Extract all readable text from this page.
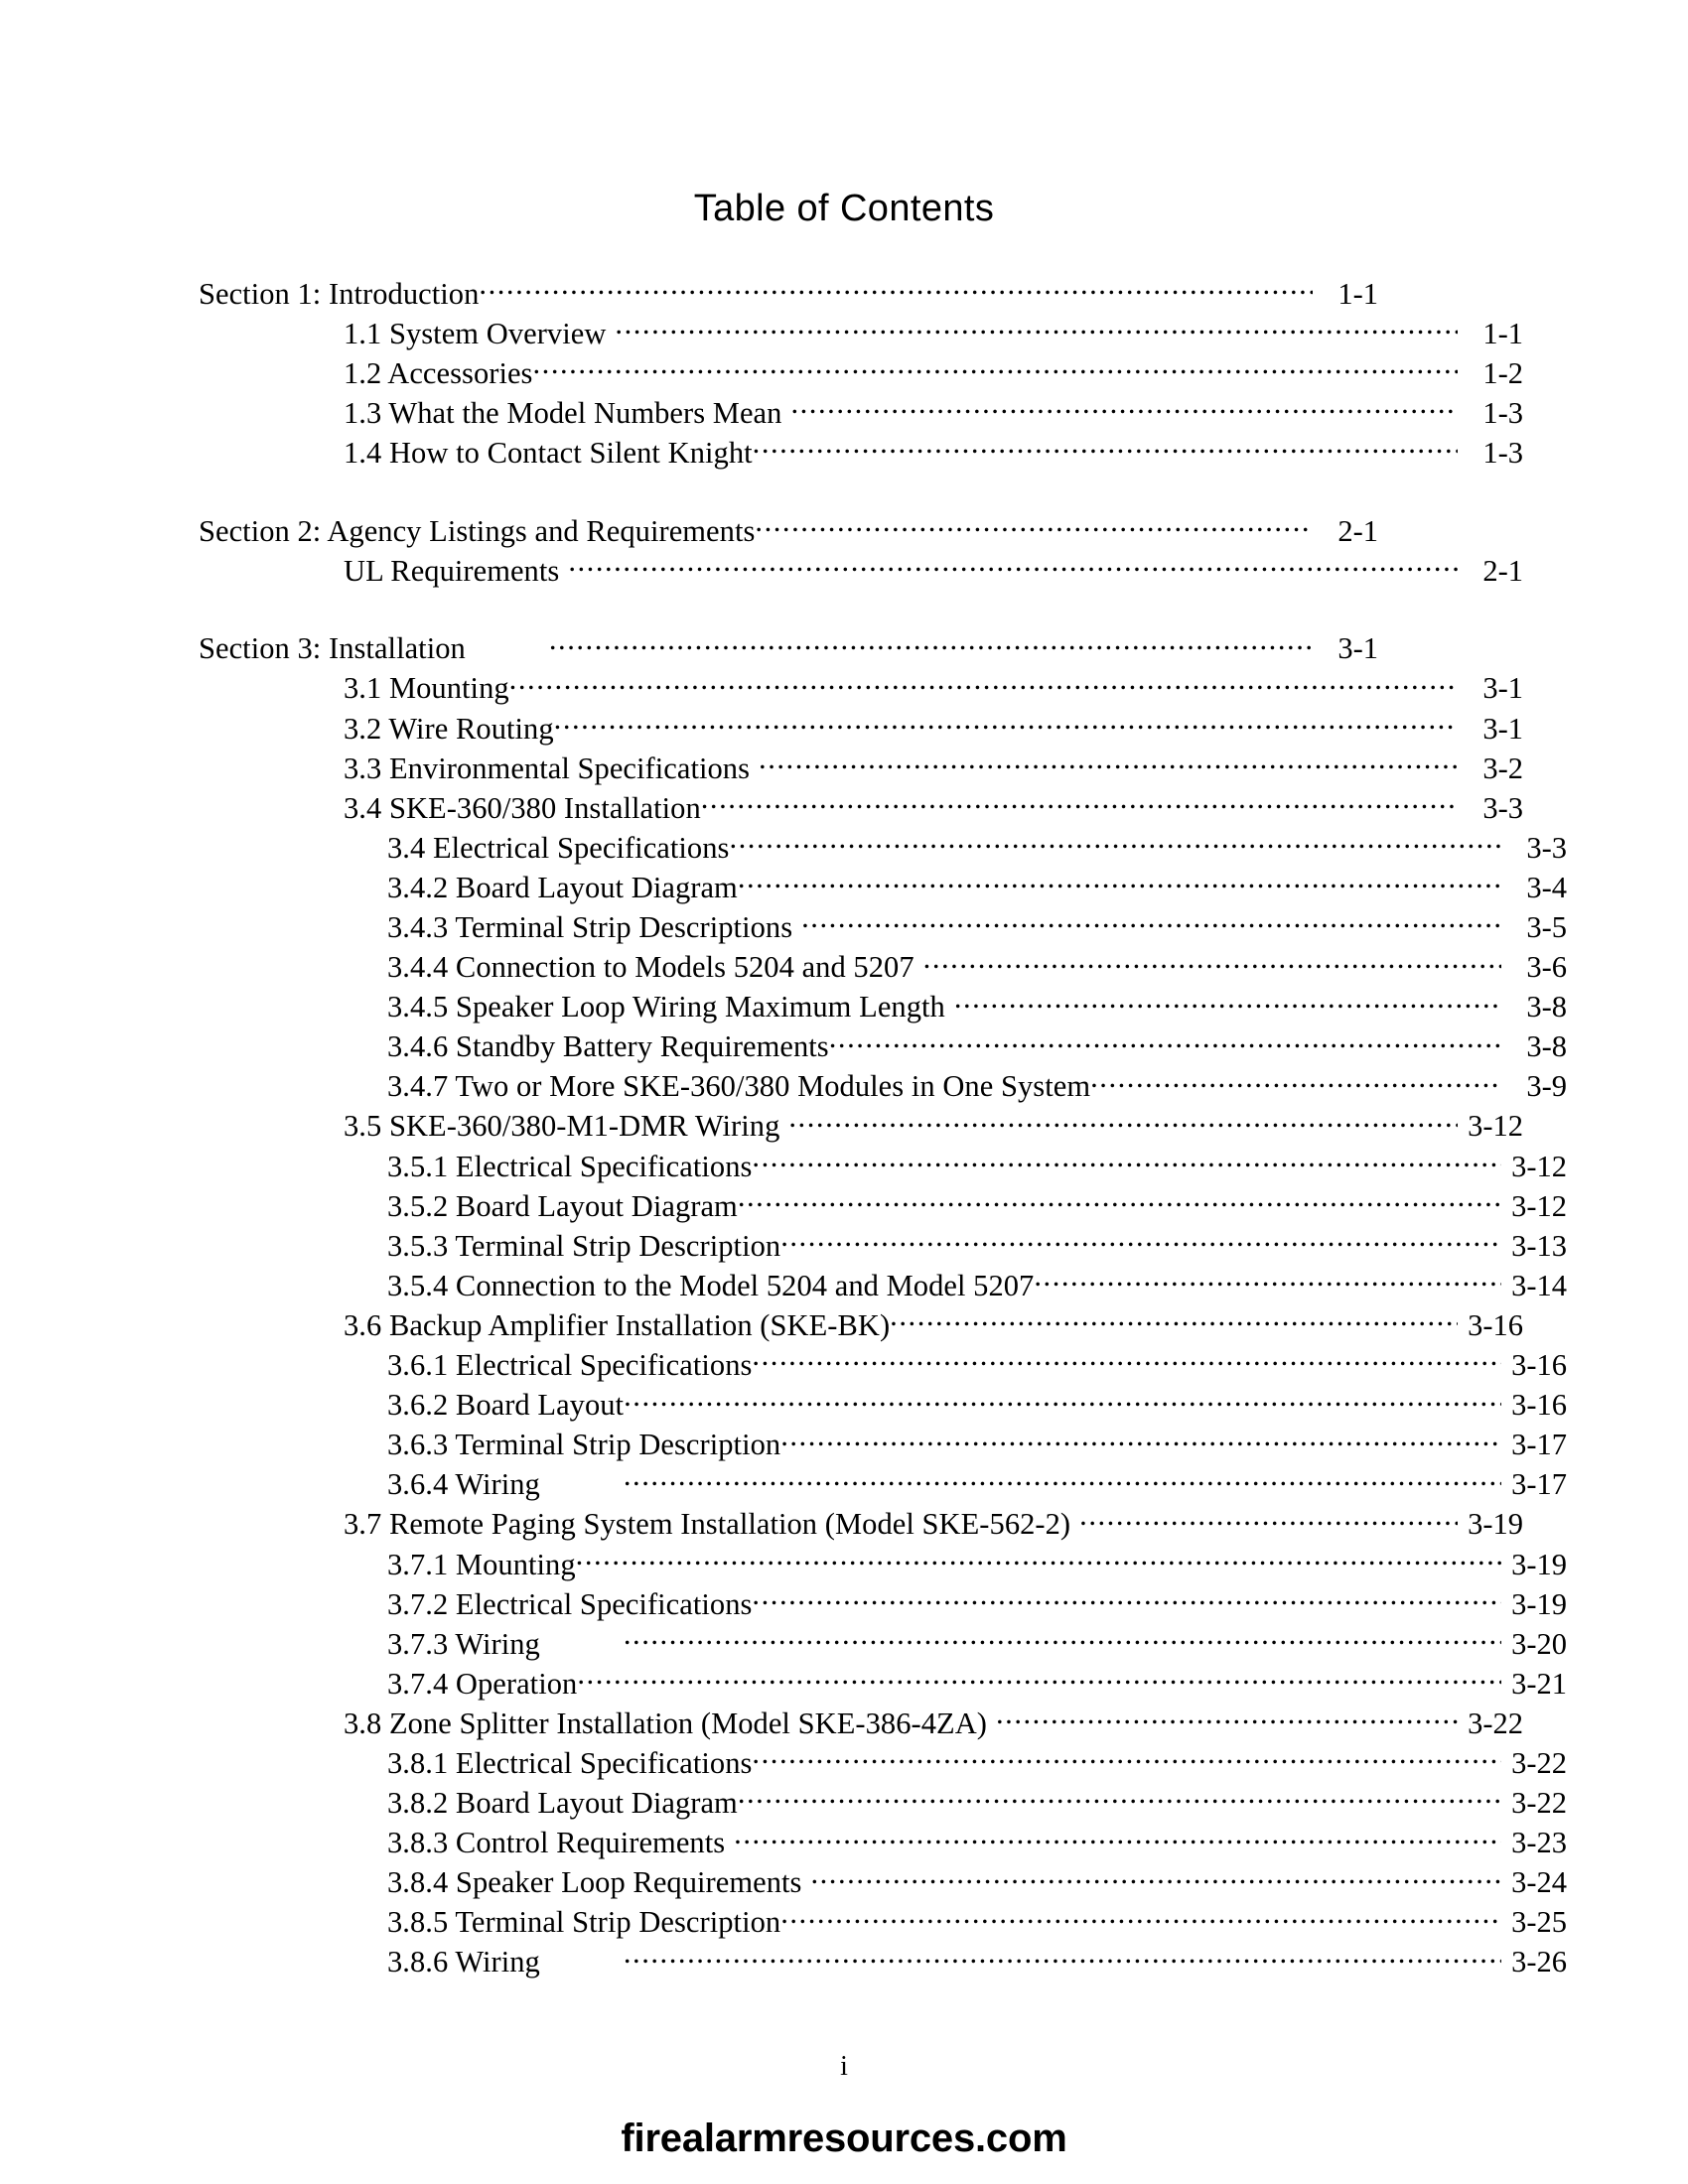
Table of Contents
Section 1: Introduction .....	1-1
1.1 System Overview .....	1-1
1.2 Accessories .....	1-2
1.3 What the Model Numbers Mean .....	1-3
1.4 How to Contact Silent Knight .....	1-3
Section 2: Agency Listings and Requirements .....	2-1
UL Requirements .....	2-1
Section 3: Installation .....	3-1
3.1 Mounting .....	3-1
3.2 Wire Routing .....	3-1
3.3 Environmental Specifications .....	3-2
3.4 SKE-360/380 Installation .....	3-3
3.4 Electrical Specifications .....	3-3
3.4.2 Board Layout Diagram .....	3-4
3.4.3 Terminal Strip Descriptions .....	3-5
3.4.4 Connection to Models 5204 and 5207 .....	3-6
3.4.5 Speaker Loop Wiring Maximum Length .....	3-8
3.4.6 Standby Battery Requirements .....	3-8
3.4.7 Two or More SKE-360/380 Modules in One System .....	3-9
3.5 SKE-360/380-M1-DMR Wiring .....	3-12
3.5.1 Electrical Specifications .....	3-12
3.5.2 Board Layout Diagram .....	3-12
3.5.3 Terminal Strip Description .....	3-13
3.5.4 Connection to the Model 5204 and Model 5207 .....	3-14
3.6 Backup Amplifier Installation (SKE-BK) .....	3-16
3.6.1 Electrical Specifications .....	3-16
3.6.2 Board Layout .....	3-16
3.6.3 Terminal Strip Description .....	3-17
3.6.4 Wiring .....	3-17
3.7 Remote Paging System Installation (Model SKE-562-2) .....	3-19
3.7.1 Mounting .....	3-19
3.7.2 Electrical Specifications .....	3-19
3.7.3 Wiring .....	3-20
3.7.4 Operation .....	3-21
3.8 Zone Splitter Installation (Model SKE-386-4ZA) .....	3-22
3.8.1 Electrical Specifications .....	3-22
3.8.2 Board Layout Diagram .....	3-22
3.8.3 Control Requirements .....	3-23
3.8.4 Speaker Loop Requirements .....	3-24
3.8.5 Terminal Strip Description .....	3-25
3.8.6 Wiring .....	3-26
i
firealarmresources.com
